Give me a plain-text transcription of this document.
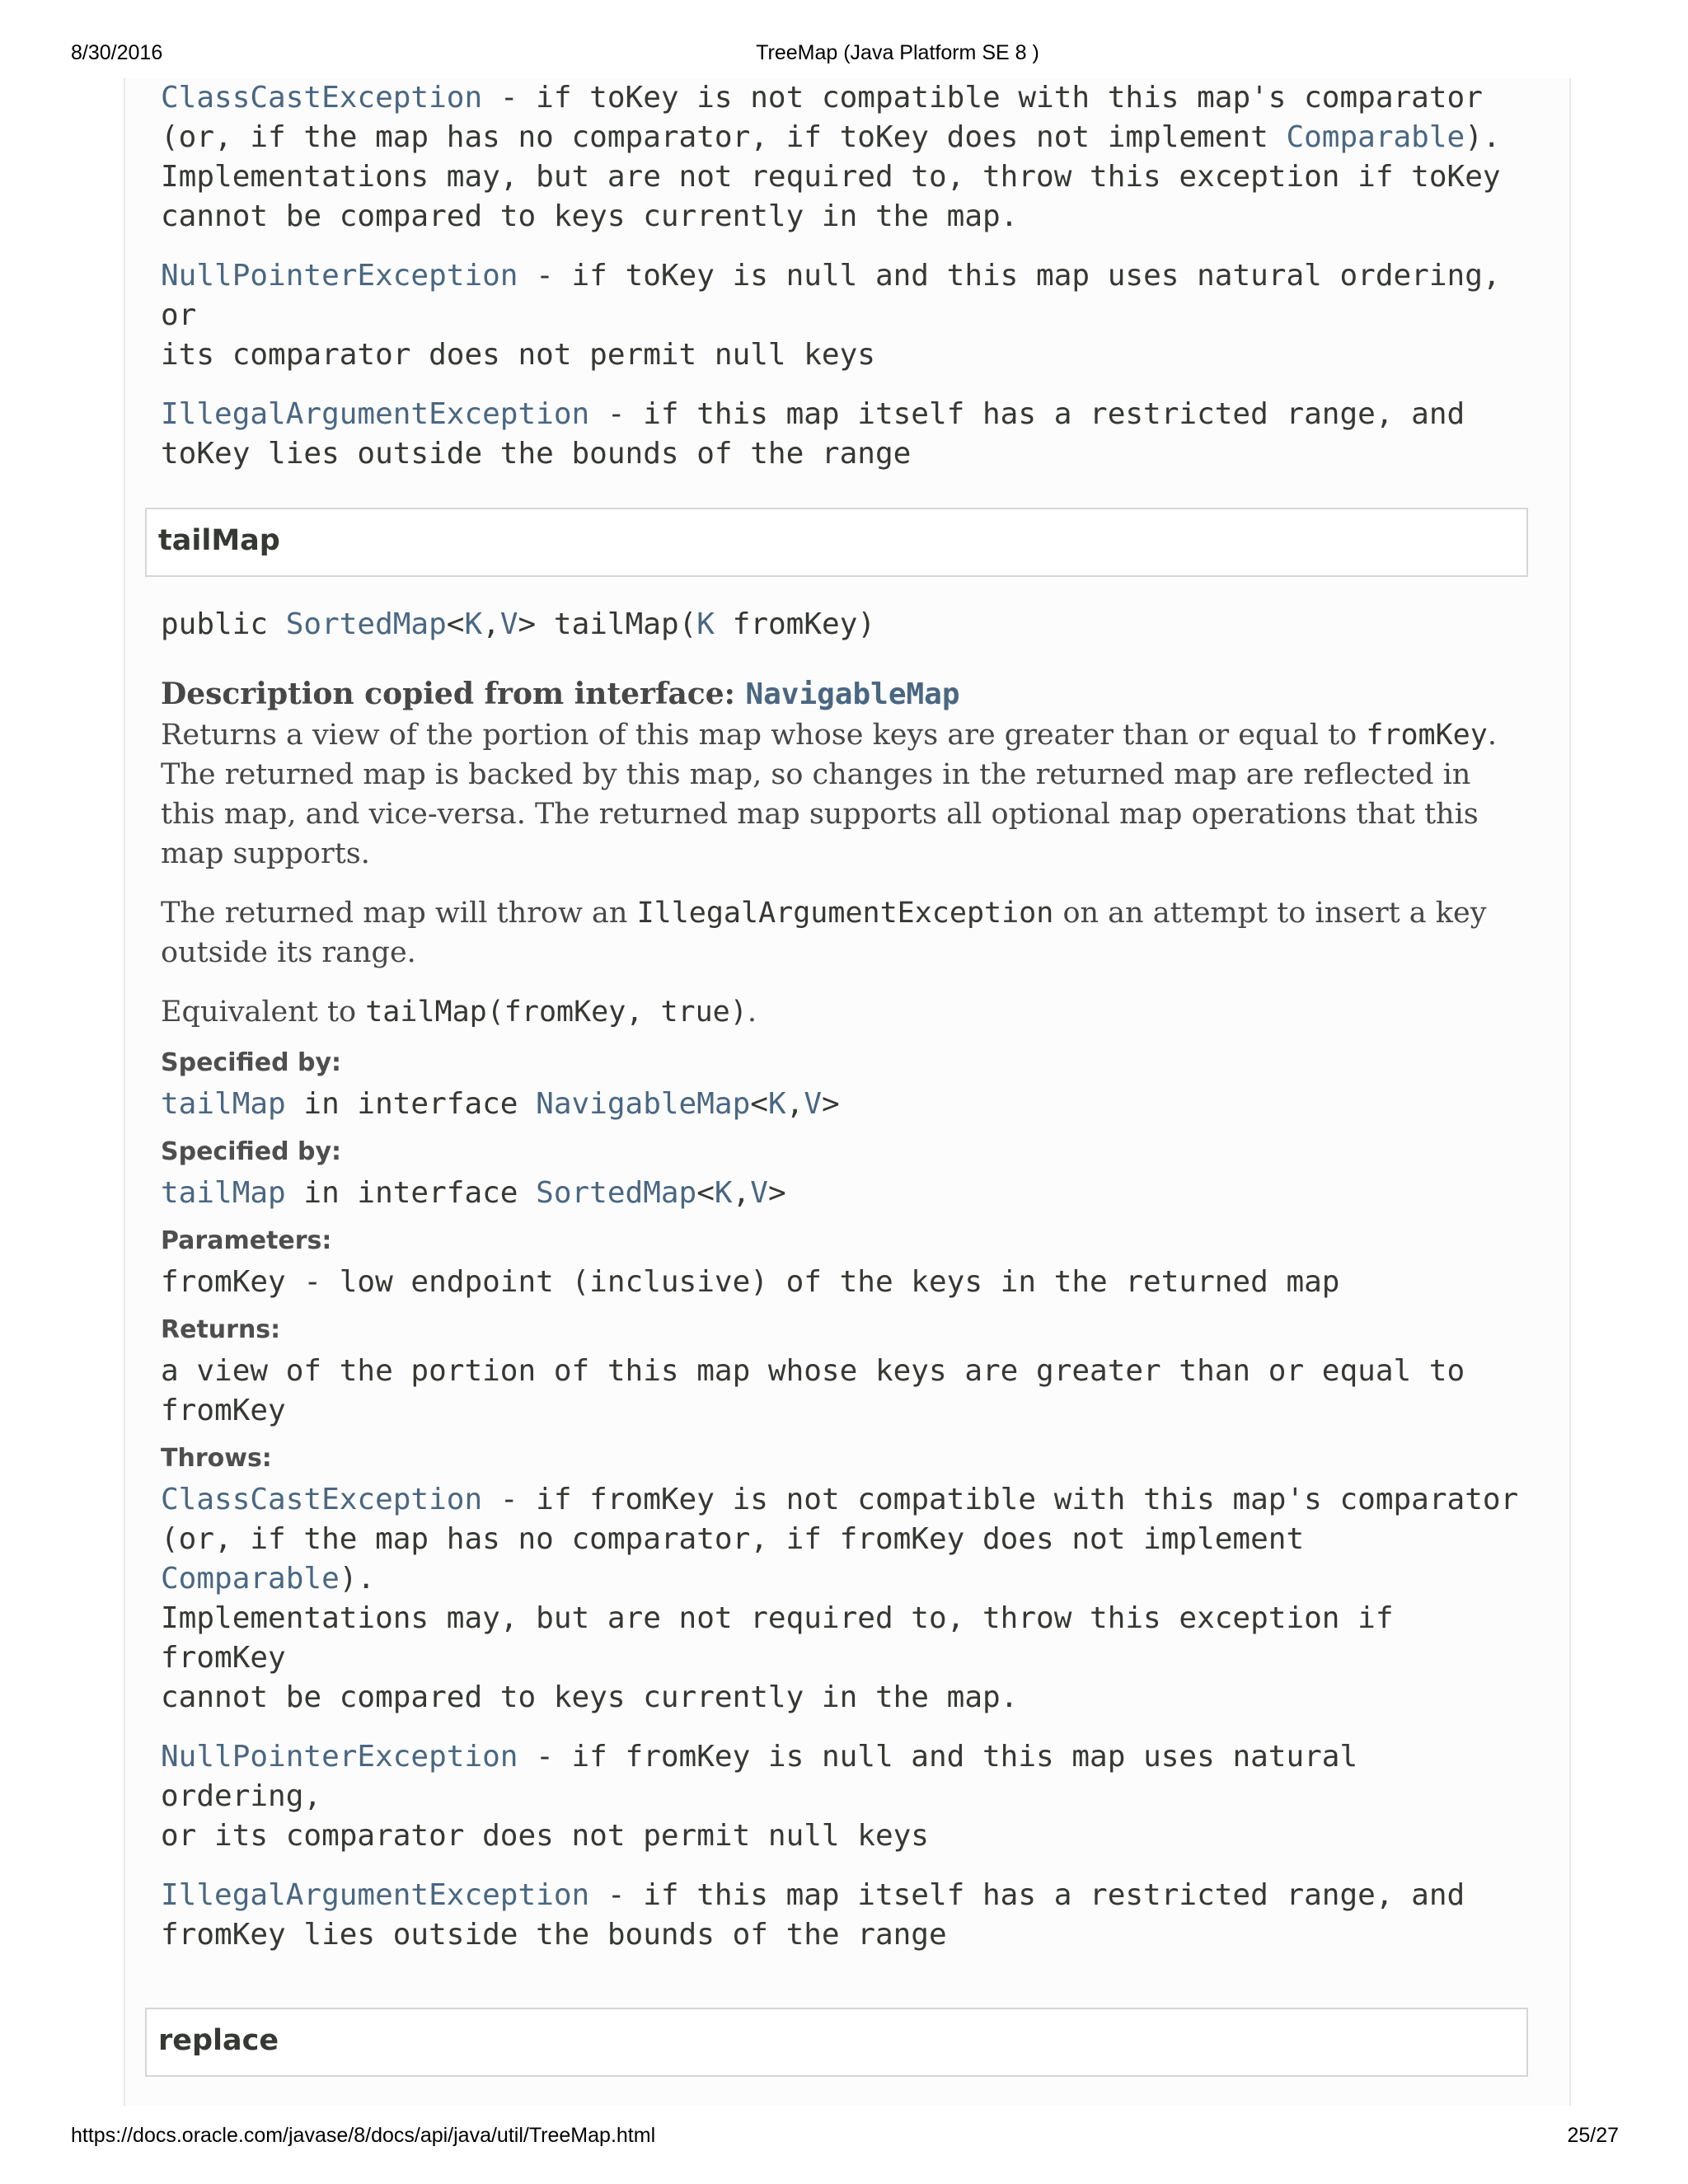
8/30/2016	TreeMap (Java Platform SE 8 )

ClassCastException - if toKey is not compatible with this map's comparator

(or, if the map has no comparator, if toKey does not implement Comparable).

Implementations may, but are not required to, throw this exception if toKey

cannot be compared to keys currently in the map.

NullPointerException - if toKey is null and this map uses natural ordering, or

its comparator does not permit null keys

IllegalArgumentException - if this map itself has a restricted range, and

toKey lies outside the bounds of the range

tailMap
public SortedMap<K,V> tailMap(K fromKey)

Description copied from interface: NavigableMap

Returns a view of the portion of this map whose keys are greater than or equal to fromKey.

The returned map is backed by this map, so changes in the returned map are reflected in

this map, and vice-versa. The returned map supports all optional map operations that this

map supports.

The returned map will throw an IllegalArgumentException on an attempt to insert a key

outside its range.

Equivalent to tailMap(fromKey, true).

Specified by:

tailMap in interface NavigableMap<K,V>

Specified by:

tailMap in interface SortedMap<K,V>

Parameters:

fromKey - low endpoint (inclusive) of the keys in the returned map

Returns:

a view of the portion of this map whose keys are greater than or equal to

fromKey

Throws:

ClassCastException - if fromKey is not compatible with this map's comparator

(or, if the map has no comparator, if fromKey does not implement Comparable).

Implementations may, but are not required to, throw this exception if fromKey

cannot be compared to keys currently in the map.

NullPointerException - if fromKey is null and this map uses natural ordering,

or its comparator does not permit null keys

IllegalArgumentException - if this map itself has a restricted range, and

fromKey lies outside the bounds of the range

replace
https://docs.oracle.com/javase/8/docs/api/java/util/TreeMap.html	25/27
